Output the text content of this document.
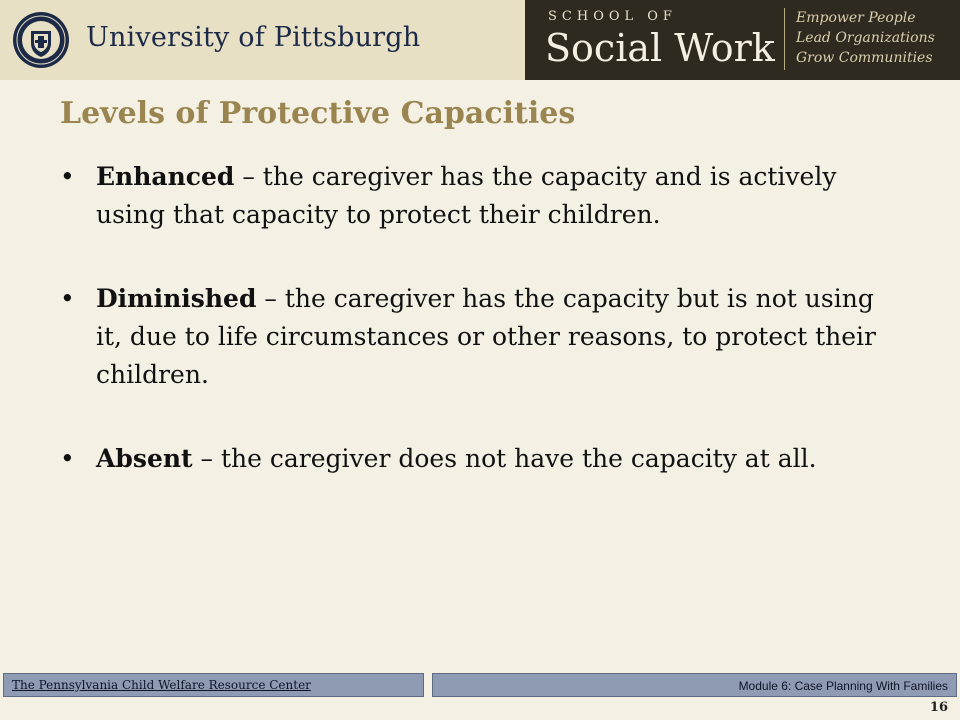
University of Pittsburgh
SCHOOL OF
Social Work
Empower People
Lead Organizations
Grow Communities
Levels of Protective Capacities
• Enhanced – the caregiver has the capacity and is actively using that capacity to protect their children.
• Diminished – the caregiver has the capacity but is not using it, due to life circumstances or other reasons, to protect their children.
• Absent – the caregiver does not have the capacity at all.
The Pennsylvania Child Welfare Resource Center	Module 6: Case Planning With Families
16
